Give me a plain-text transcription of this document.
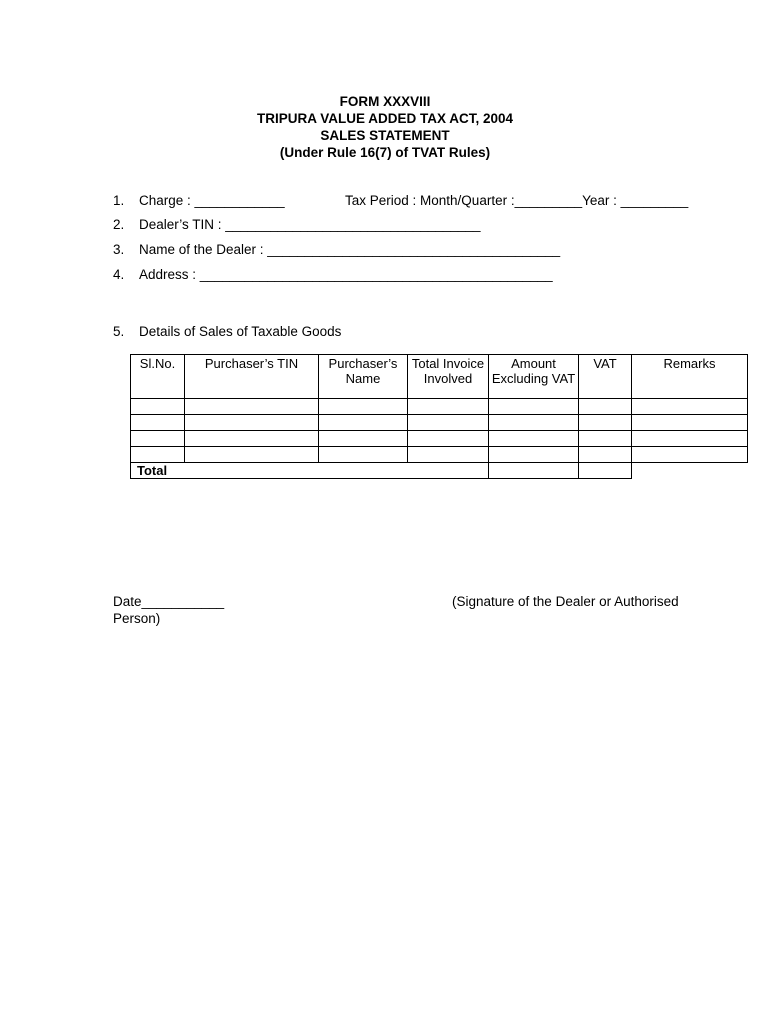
FORM XXXVIII
TRIPURA VALUE ADDED TAX ACT, 2004
SALES STATEMENT
(Under Rule 16(7) of TVAT Rules)
1. Charge : ____________	Tax Period : Month/Quarter :_________Year : _________
2. Dealer’s TIN : __________________________________
3. Name of the Dealer : _______________________________________
4. Address : _______________________________________________
5. Details of Sales of Taxable Goods
Sl.No.	Purchaser’s TIN	Purchaser’s Name	Total Invoice Involved	Amount Excluding VAT	VAT	Remarks

Total						
Date___________
Person)
(Signature of the Dealer or Authorised
